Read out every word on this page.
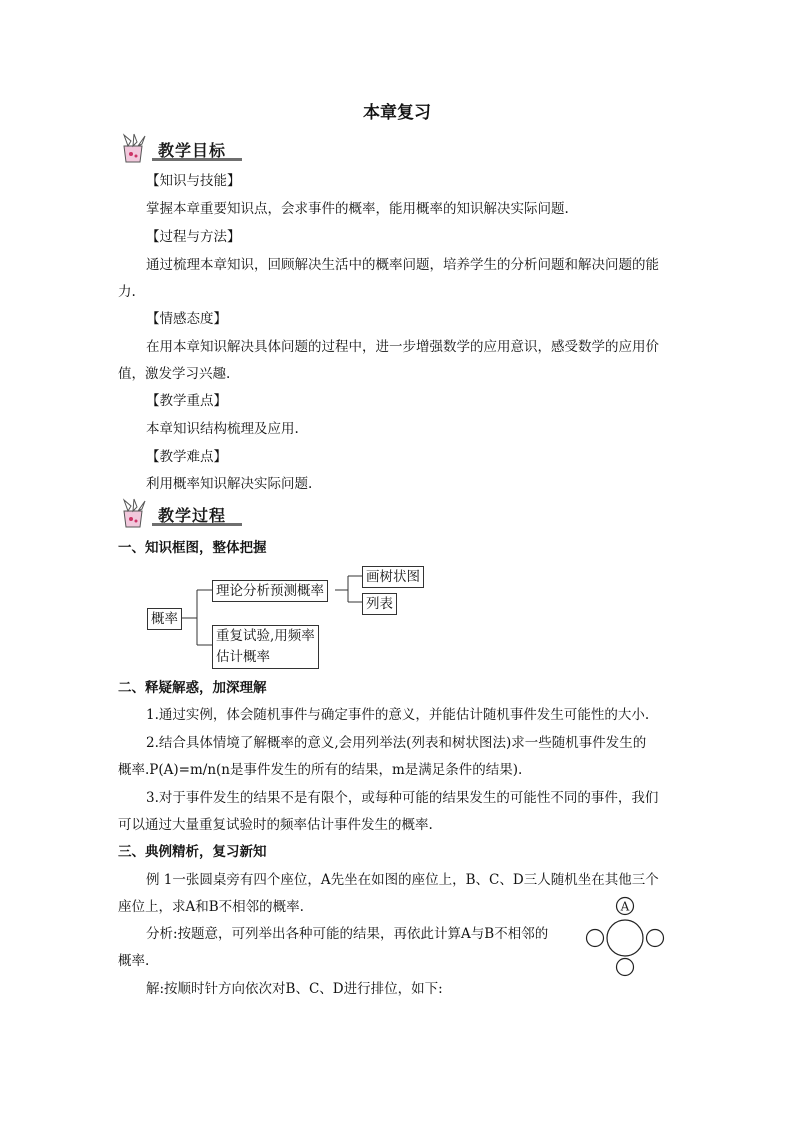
本章复习
教学目标
【知识与技能】
掌握本章重要知识点，会求事件的概率，能用概率的知识解决实际问题.
【过程与方法】
通过梳理本章知识，回顾解决生活中的概率问题，培养学生的分析问题和解决问题的能
力.
【情感态度】
在用本章知识解决具体问题的过程中，进一步增强数学的应用意识，感受数学的应用价
值，激发学习兴趣.
【教学重点】
本章知识结构梳理及应用.
【教学难点】
利用概率知识解决实际问题.
教学过程
一、知识框图，整体把握
概率
理论分析预测概率
画树状图
列表
重复试验,用频率
估计概率
二、释疑解惑，加深理解
1.通过实例，体会随机事件与确定事件的意义，并能估计随机事件发生可能性的大小.
2.结合具体情境了解概率的意义,会用列举法(列表和树状图法)求一些随机事件发生的
概率.P(A)=m/n(n是事件发生的所有的结果，m是满足条件的结果).
3.对于事件发生的结果不是有限个，或每种可能的结果发生的可能性不同的事件，我们
可以通过大量重复试验时的频率估计事件发生的概率.
三、典例精析，复习新知
例 1一张圆桌旁有四个座位，A先坐在如图的座位上，B、C、D三人随机坐在其他三个
座位上，求A和B不相邻的概率.
分析:按题意，可列举出各种可能的结果，再依此计算A与B不相邻的
概率.
解:按顺时针方向依次对B、C、D进行排位，如下:
A
